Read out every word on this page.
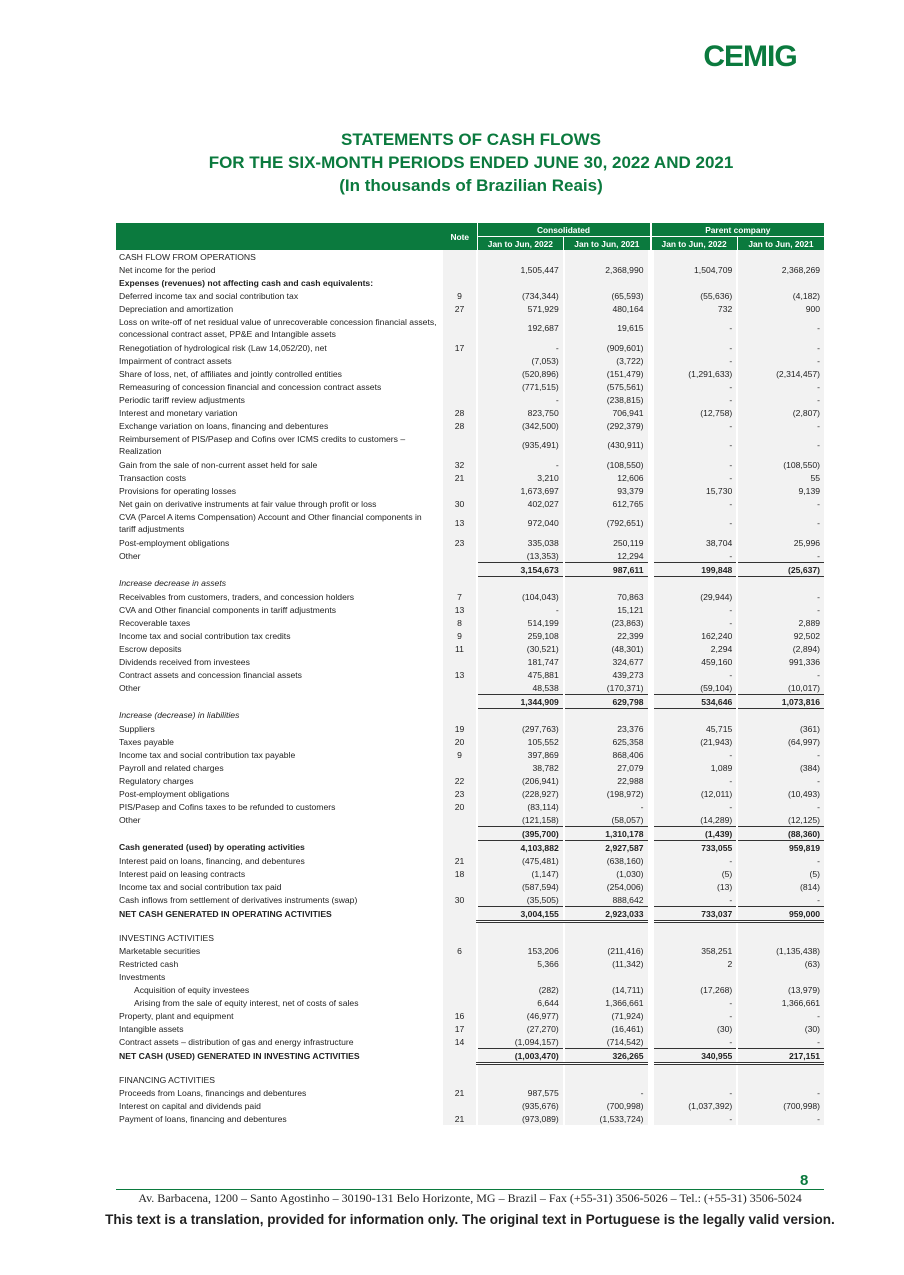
CEMIG
STATEMENTS OF CASH FLOWS
FOR THE SIX-MONTH PERIODS ENDED JUNE 30, 2022 AND 2021
(In thousands of Brazilian Reais)
	Note	Consolidated		Parent company	
		Jan to Jun, 2022	Jan to Jun, 2021	Jan to Jun, 2022	Jan to Jun, 2021
CASH FLOW FROM OPERATIONS					
Net income for the period		1,505,447	2,368,990	1,504,709	2,368,269
Expenses (revenues) not affecting cash and cash equivalents:					
Deferred income tax and social contribution tax	9	(734,344)	(65,593)	(55,636)	(4,182)
Depreciation and amortization	27	571,929	480,164	732	900
Loss on write-off of net residual value of unrecoverable concession financial assets, concessional contract asset, PP&E and Intangible assets		192,687	19,615	-	-
Renegotiation of hydrological risk (Law 14,052/20), net	17	-	(909,601)	-	-
Impairment of contract assets		(7,053)	(3,722)	-	-
Share of loss, net, of affiliates and jointly controlled entities		(520,896)	(151,479)	(1,291,633)	(2,314,457)
Remeasuring of concession financial and concession contract assets		(771,515)	(575,561)	-	-
Periodic tariff review adjustments		-	(238,815)	-	-
Interest and monetary variation	28	823,750	706,941	(12,758)	(2,807)
Exchange variation on loans, financing and debentures	28	(342,500)	(292,379)	-	-
Reimbursement of PIS/Pasep and Cofins over ICMS credits to customers – Realization		(935,491)	(430,911)	-	-
Gain from the sale of non-current asset held for sale	32	-	(108,550)	-	(108,550)
Transaction costs	21	3,210	12,606	-	55
Provisions for operating losses		1,673,697	93,379	15,730	9,139
Net gain on derivative instruments at fair value through profit or loss	30	402,027	612,765	-	-
CVA (Parcel A items Compensation) Account and Other financial components in tariff adjustments	13	972,040	(792,651)	-	-
Post-employment obligations	23	335,038	250,119	38,704	25,996
Other		(13,353)	12,294	-	-
		3,154,673	987,611	199,848	(25,637)
Increase decrease in assets					
Receivables from customers, traders, and concession holders	7	(104,043)	70,863	(29,944)	-
CVA and Other financial components in tariff adjustments	13	-	15,121	-	-
Recoverable taxes	8	514,199	(23,863)	-	2,889
Income tax and social contribution tax credits	9	259,108	22,399	162,240	92,502
Escrow deposits	11	(30,521)	(48,301)	2,294	(2,894)
Dividends received from investees		181,747	324,677	459,160	991,336
Contract assets and concession financial assets	13	475,881	439,273	-	-
Other		48,538	(170,371)	(59,104)	(10,017)
		1,344,909	629,798	534,646	1,073,816
Increase (decrease) in liabilities					
Suppliers	19	(297,763)	23,376	45,715	(361)
Taxes payable	20	105,552	625,358	(21,943)	(64,997)
Income tax and social contribution tax payable	9	397,869	868,406	-	-
Payroll and related charges		38,782	27,079	1,089	(384)
Regulatory charges	22	(206,941)	22,988	-	-
Post-employment obligations	23	(228,927)	(198,972)	(12,011)	(10,493)
PIS/Pasep and Cofins taxes to be refunded to customers	20	(83,114)	-	-	-
Other		(121,158)	(58,057)	(14,289)	(12,125)
		(395,700)	1,310,178	(1,439)	(88,360)
Cash generated (used) by operating activities		4,103,882	2,927,587	733,055	959,819
Interest paid on loans, financing, and debentures	21	(475,481)	(638,160)	-	-
Interest paid on leasing contracts	18	(1,147)	(1,030)	(5)	(5)
Income tax and social contribution tax paid		(587,594)	(254,006)	(13)	(814)
Cash inflows from settlement of derivatives instruments (swap)	30	(35,505)	888,642	-	-
NET CASH GENERATED IN OPERATING ACTIVITIES		3,004,155	2,923,033	733,037	959,000

INVESTING ACTIVITIES					
Marketable securities	6	153,206	(211,416)	358,251	(1,135,438)
Restricted cash		5,366	(11,342)	2	(63)
Investments					
Acquisition of equity investees		(282)	(14,711)	(17,268)	(13,979)
Arising from the sale of equity interest, net of costs of sales		6,644	1,366,661	-	1,366,661
Property, plant and equipment	16	(46,977)	(71,924)	-	-
Intangible assets	17	(27,270)	(16,461)	(30)	(30)
Contract assets – distribution of gas and energy infrastructure	14	(1,094,157)	(714,542)	-	-
NET CASH (USED) GENERATED IN INVESTING ACTIVITIES		(1,003,470)	326,265	340,955	217,151

FINANCING ACTIVITIES					
Proceeds from Loans, financings and debentures	21	987,575	-	-	-
Interest on capital and dividends paid		(935,676)	(700,998)	(1,037,392)	(700,998)
Payment of loans, financing and debentures	21	(973,089)	(1,533,724)	-	-
8
Av. Barbacena, 1200 – Santo Agostinho – 30190-131 Belo Horizonte, MG – Brazil – Fax (+55-31) 3506-5026 – Tel.: (+55-31) 3506-5024
This text is a translation, provided for information only. The original text in Portuguese is the legally valid version.
